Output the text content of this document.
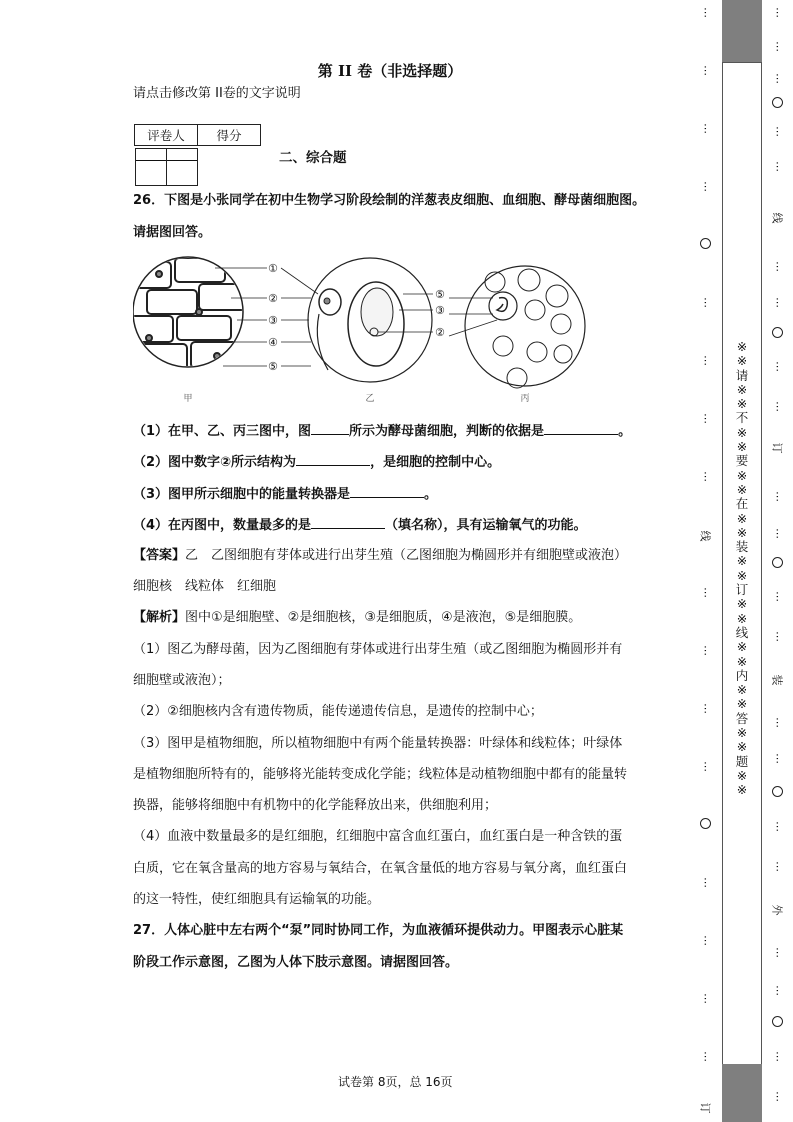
第 II 卷（非选择题）
请点击修改第 II卷的文字说明
评卷人	得分

二、综合题
26．下图是小张同学在初中生物学习阶段绘制的洋葱表皮细胞、血细胞、酵母菌细胞图。
请据图回答。
①
②
③
④
⑤
⑤
③
②
甲	乙	丙
（1）在甲、乙、丙三图中，图	所示为酵母菌细胞，判断的依据是	。
（2）图中数字②所示结构为	，是细胞的控制中心。
（3）图甲所示细胞中的能量转换器是	。
（4）在丙图中，数量最多的是	（填名称），具有运输氧气的功能。
【答案】乙　乙图细胞有芽体或进行出芽生殖（乙图细胞为椭圆形并有细胞壁或液泡）
细胞核　线粒体　红细胞
【解析】图中①是细胞壁、②是细胞核，③是细胞质，④是液泡，⑤是细胞膜。
（1）图乙为酵母菌，因为乙图细胞有芽体或进行出芽生殖（或乙图细胞为椭圆形并有
细胞壁或液泡）；
（2）②细胞核内含有遗传物质，能传递遗传信息，是遗传的控制中心；
（3）图甲是植物细胞，所以植物细胞中有两个能量转换器：叶绿体和线粒体；叶绿体
是植物细胞所特有的，能够将光能转变成化学能；线粒体是动植物细胞中都有的能量转
换器，能够将细胞中有机物中的化学能释放出来，供细胞利用；
（4）血液中数量最多的是红细胞，红细胞中富含血红蛋白，血红蛋白是一种含铁的蛋
白质，它在氧含量高的地方容易与氧结合，在氧含量低的地方容易与氧分离，血红蛋白
的这一特性，使红细胞具有运输氧的功能。
27．人体心脏中左右两个“泵”同时协同工作，为血液循环提供动力。甲图表示心脏某
阶段工作示意图，乙图为人体下肢示意图。请据图回答。
试卷第 8页，总 16页
⋯
⋯
⋯
⋯
⋯
⋯
⋯
⋯
线
⋯
⋯
⋯
⋯
⋯
⋯
⋯
⋯
订
※※请※※不※※要※※在※※装※※订※※线※※内※※答※※题※※
⋯
⋯
⋯
⋯
⋯
线
⋯
⋯
⋯
⋯
订
⋯
⋯
⋯
⋯
装
⋯
⋯
⋯
⋯
外
⋯
⋯
⋯
⋯
